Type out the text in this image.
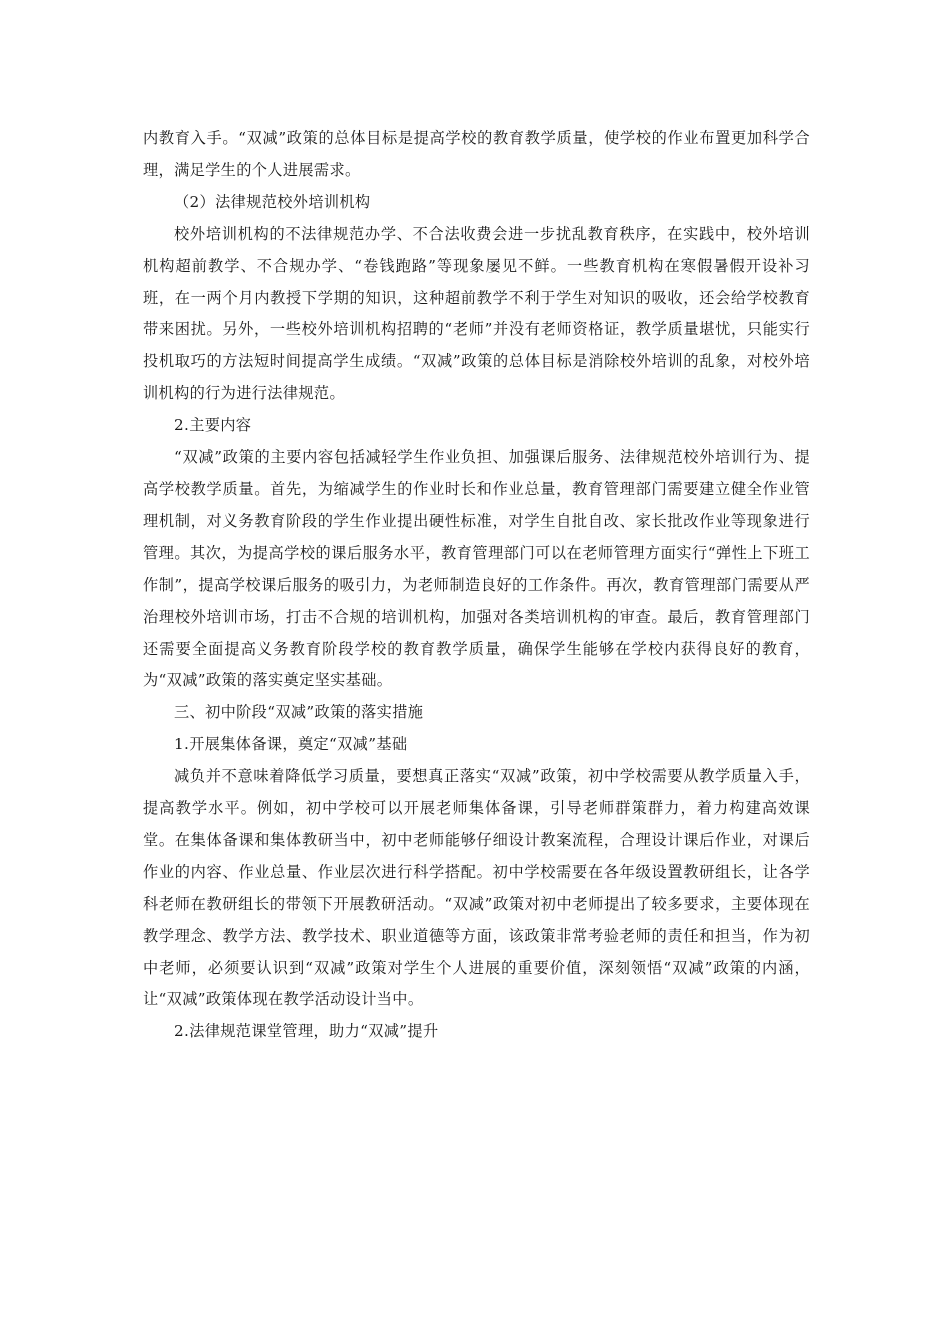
内教育入手。“双减”政策的总体目标是提高学校的教育教学质量，使学校的作业布置更加科学合理，满足学生的个人进展需求。

（2）法律规范校外培训机构

校外培训机构的不法律规范办学、不合法收费会进一步扰乱教育秩序，在实践中，校外培训机构超前教学、不合规办学、“卷钱跑路”等现象屡见不鲜。一些教育机构在寒假暑假开设补习班，在一两个月内教授下学期的知识，这种超前教学不利于学生对知识的吸收，还会给学校教育带来困扰。另外，一些校外培训机构招聘的“老师”并没有老师资格证，教学质量堪忧，只能实行投机取巧的方法短时间提高学生成绩。“双减”政策的总体目标是消除校外培训的乱象，对校外培训机构的行为进行法律规范。

2.主要内容

“双减”政策的主要内容包括减轻学生作业负担、加强课后服务、法律规范校外培训行为、提高学校教学质量。首先，为缩减学生的作业时长和作业总量，教育管理部门需要建立健全作业管理机制，对义务教育阶段的学生作业提出硬性标准，对学生自批自改、家长批改作业等现象进行管理。其次，为提高学校的课后服务水平，教育管理部门可以在老师管理方面实行“弹性上下班工作制”，提高学校课后服务的吸引力，为老师制造良好的工作条件。再次，教育管理部门需要从严治理校外培训市场，打击不合规的培训机构，加强对各类培训机构的审查。最后，教育管理部门还需要全面提高义务教育阶段学校的教育教学质量，确保学生能够在学校内获得良好的教育，为“双减”政策的落实奠定坚实基础。

三、初中阶段“双减”政策的落实措施

1.开展集体备课，奠定“双减”基础

减负并不意味着降低学习质量，要想真正落实“双减”政策，初中学校需要从教学质量入手，提高教学水平。例如，初中学校可以开展老师集体备课，引导老师群策群力，着力构建高效课堂。在集体备课和集体教研当中，初中老师能够仔细设计教案流程，合理设计课后作业，对课后作业的内容、作业总量、作业层次进行科学搭配。初中学校需要在各年级设置教研组长，让各学科老师在教研组长的带领下开展教研活动。“双减”政策对初中老师提出了较多要求，主要体现在教学理念、教学方法、教学技术、职业道德等方面，该政策非常考验老师的责任和担当，作为初中老师，必须要认识到“双减”政策对学生个人进展的重要价值，深刻领悟“双减”政策的内涵，让“双减”政策体现在教学活动设计当中。

2.法律规范课堂管理，助力“双减”提升
